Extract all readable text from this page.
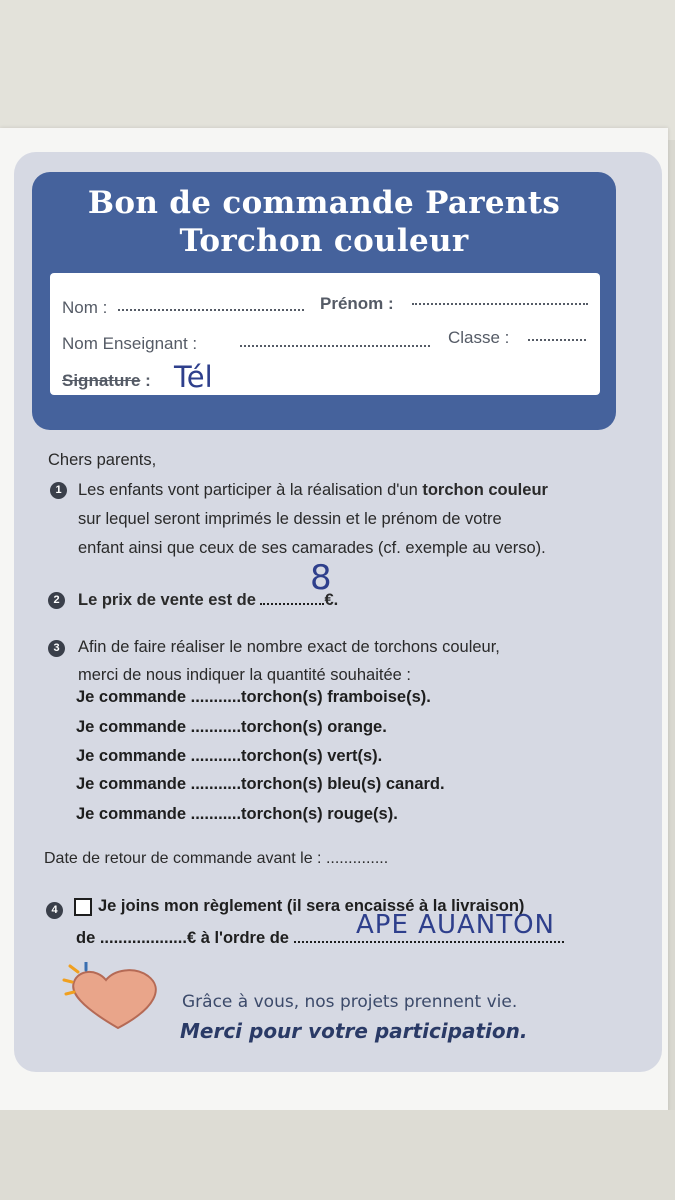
Bon de commande Parents
Torchon couleur
Nom :	Prénom :
Nom Enseignant :	Classe :
Signature : Tél
Chers parents,
1 Les enfants vont participer à la réalisation d'un torchon couleur
sur lequel seront imprimés le dessin et le prénom de votre
enfant ainsi que ceux de ses camarades (cf. exemple au verso).
2	Le prix de vente est de	€.
8
3	Afin de faire réaliser le nombre exact de torchons couleur,
merci de nous indiquer la quantité souhaitée :
Je commande ...........torchon(s) framboise(s).
Je commande ...........torchon(s) orange.
Je commande ...........torchon(s) vert(s).
Je commande ...........torchon(s) bleu(s) canard.
Je commande ...........torchon(s) rouge(s).
Date de retour de commande avant le : ..............
4	Je joins mon règlement (il sera encaissé à la livraison)
de ...................€ à l'ordre de	APE AUANTON
Grâce à vous, nos projets prennent vie.
Merci pour votre participation.
